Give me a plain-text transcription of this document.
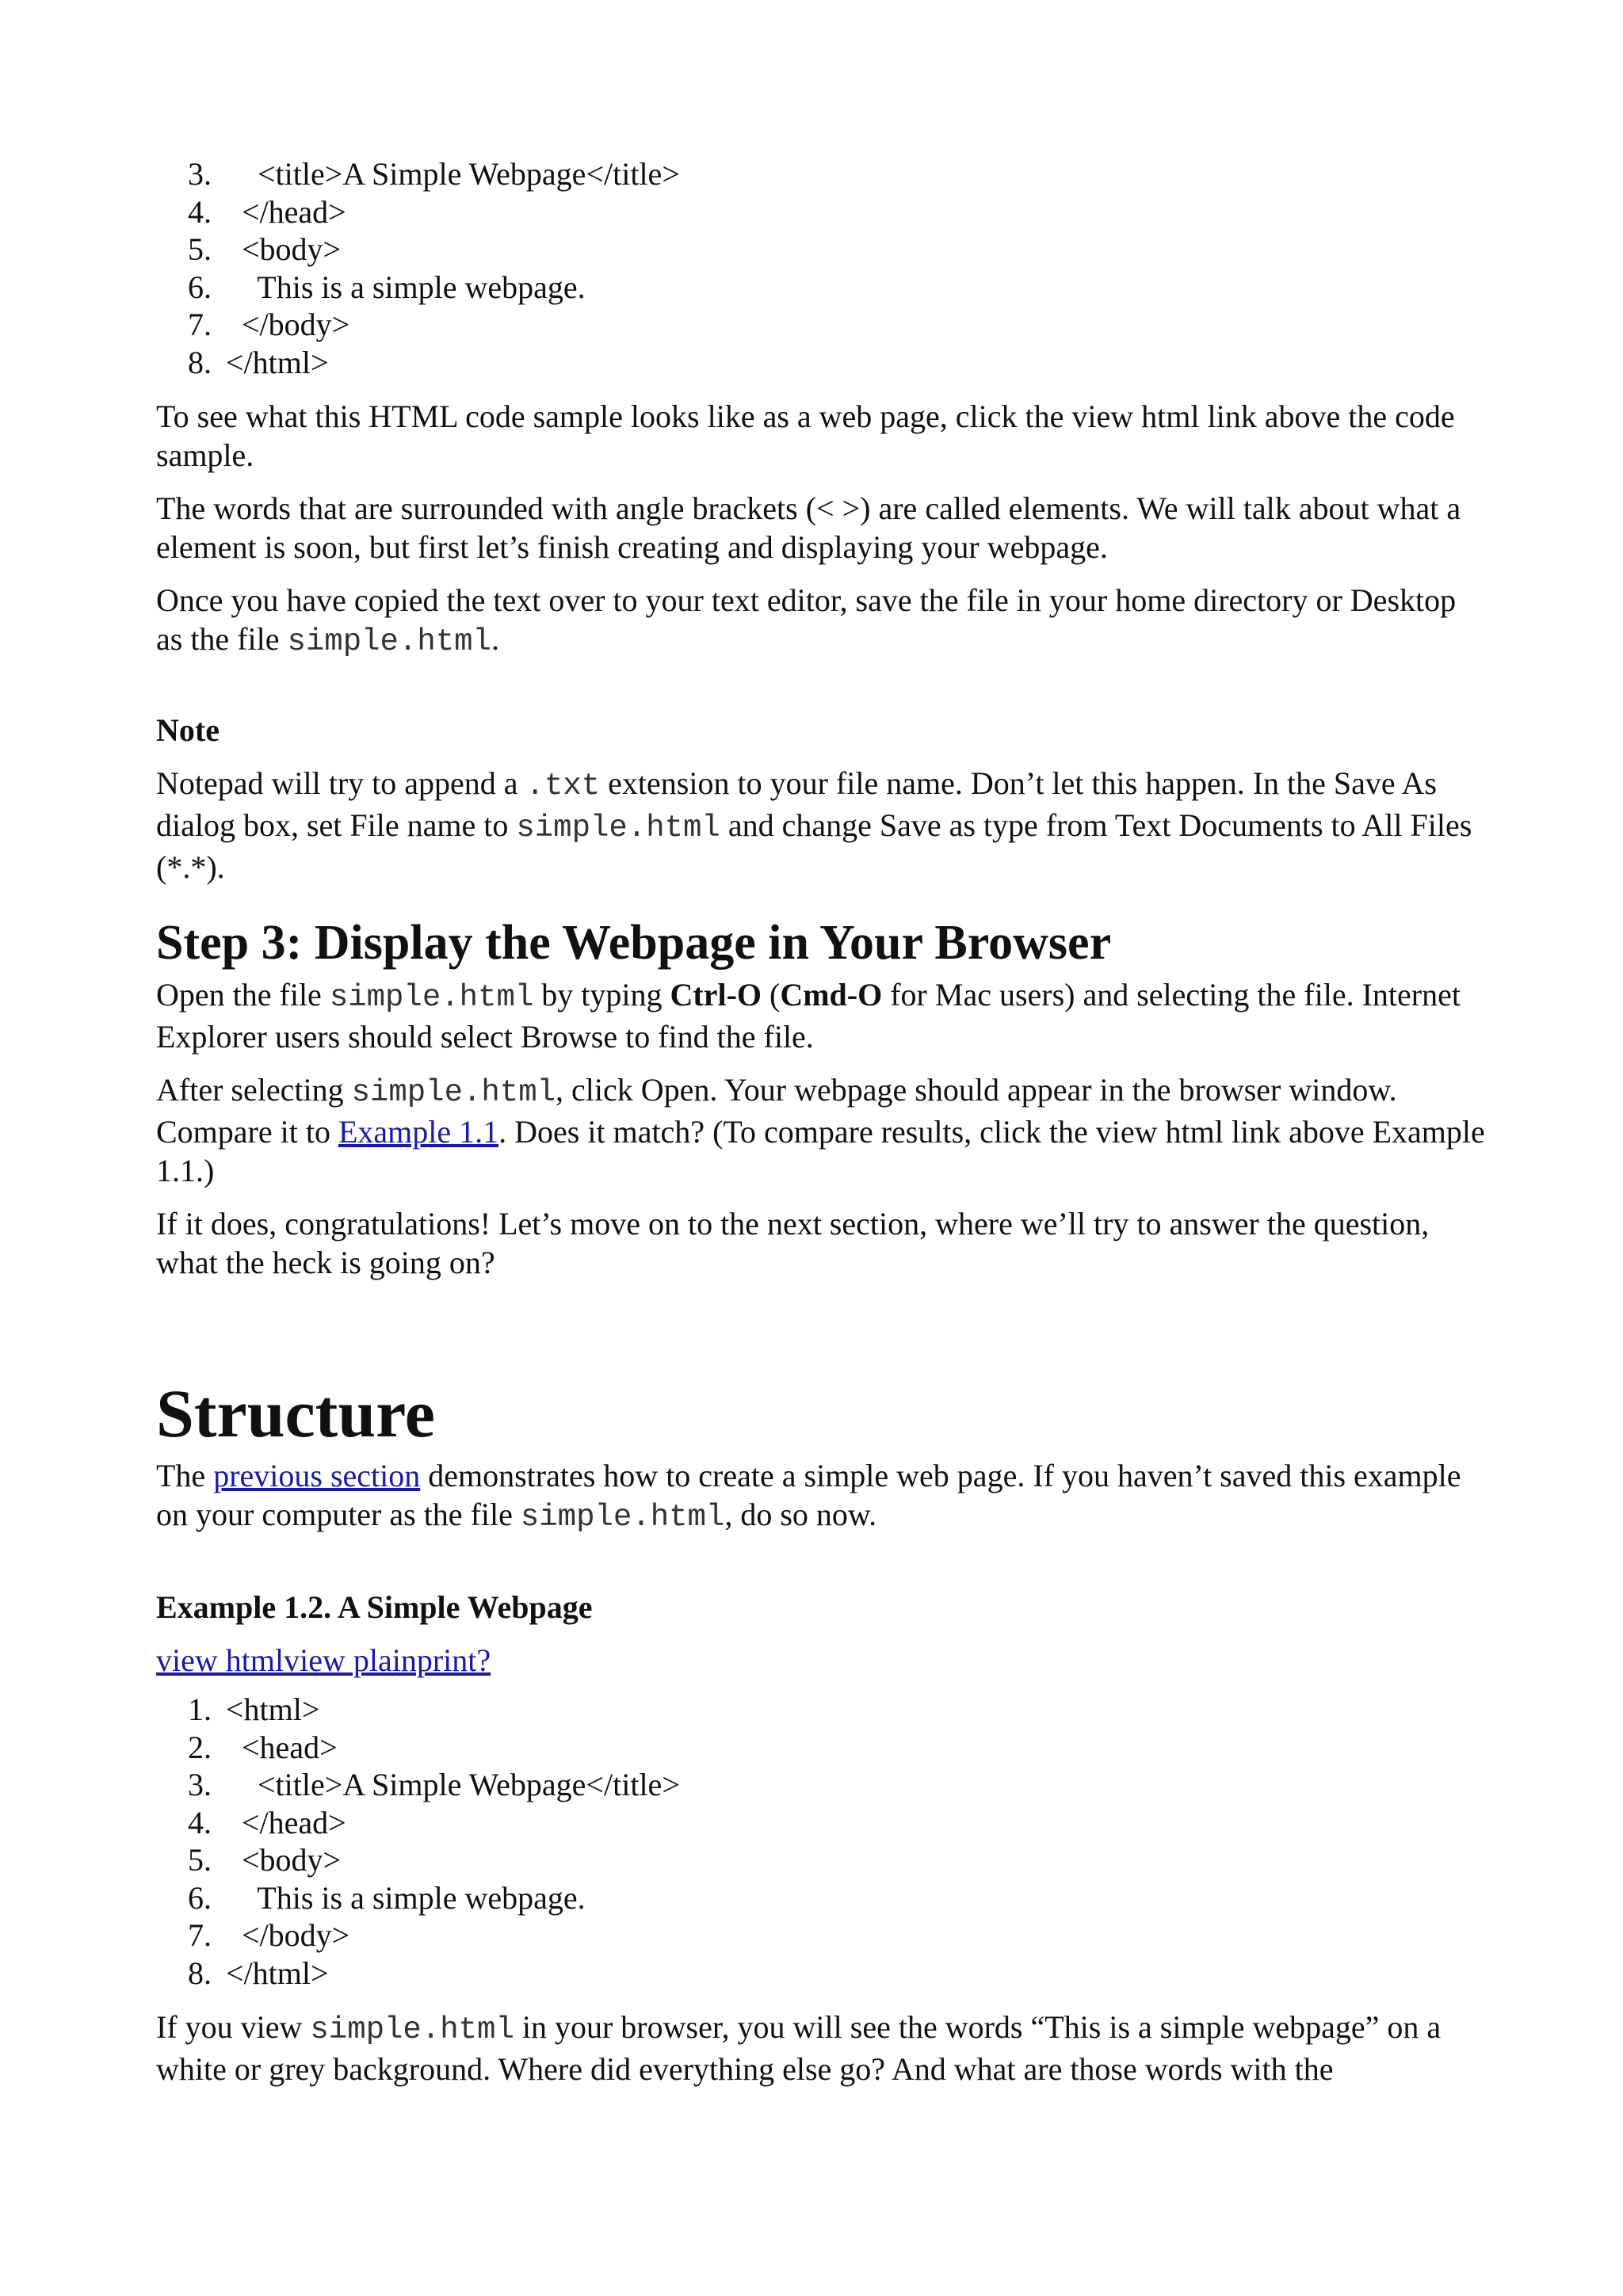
3.    <title>A Simple Webpage</title>
4.  </head>
5.  <body>
6.    This is a simple webpage.
7.  </body>
8. </html>

To see what this HTML code sample looks like as a web page, click the view html link above the code sample.

The words that are surrounded with angle brackets (< >) are called elements. We will talk about what a element is soon, but first let’s finish creating and displaying your webpage.

Once you have copied the text over to your text editor, save the file in your home directory or Desktop as the file simple.html.

Note

Notepad will try to append a .txt extension to your file name. Don’t let this happen. In the Save As dialog box, set File name to simple.html and change Save as type from Text Documents to All Files (*.*).

Step 3: Display the Webpage in Your Browser

Open the file simple.html by typing Ctrl-O (Cmd-O for Mac users) and selecting the file. Internet Explorer users should select Browse to find the file.

After selecting simple.html, click Open. Your webpage should appear in the browser window. Compare it to Example 1.1. Does it match? (To compare results, click the view html link above Example 1.1.)

If it does, congratulations! Let’s move on to the next section, where we’ll try to answer the question, what the heck is going on?

Structure

The previous section demonstrates how to create a simple web page. If you haven’t saved this example on your computer as the file simple.html, do so now.

Example 1.2. A Simple Webpage

view htmlview plainprint?

1. <html>
2.  <head>
3.    <title>A Simple Webpage</title>
4.  </head>
5.  <body>
6.    This is a simple webpage.
7.  </body>
8. </html>

If you view simple.html in your browser, you will see the words “This is a simple webpage” on a white or grey background. Where did everything else go? And what are those words with the
